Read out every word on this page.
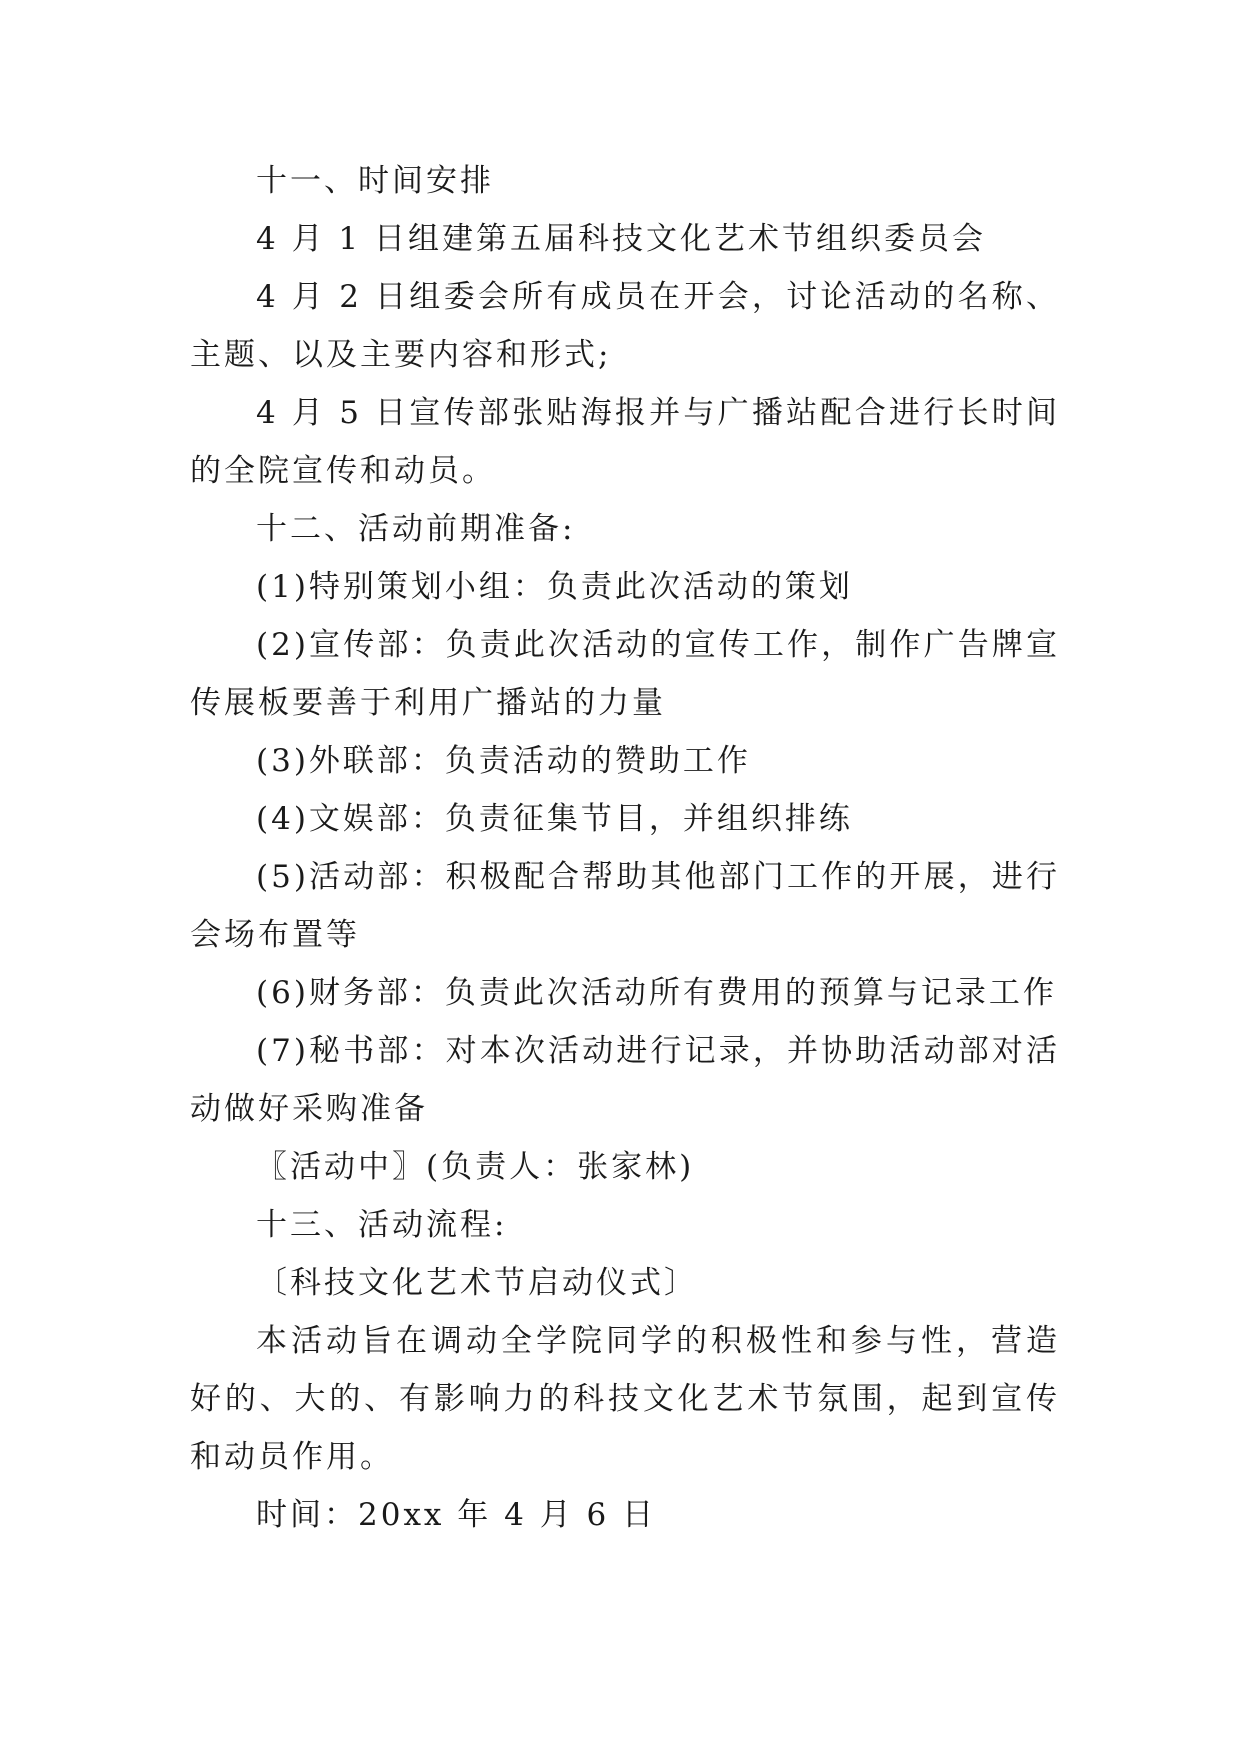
十一、时间安排

4 月 1 日组建第五届科技文化艺术节组织委员会

4 月 2 日组委会所有成员在开会，讨论活动的名称、主题、以及主要内容和形式;

4 月 5 日宣传部张贴海报并与广播站配合进行长时间的全院宣传和动员。

十二、活动前期准备:

(1)特别策划小组：负责此次活动的策划

(2)宣传部：负责此次活动的宣传工作，制作广告牌宣传展板要善于利用广播站的力量

(3)外联部：负责活动的赞助工作

(4)文娱部：负责征集节目，并组织排练

(5)活动部：积极配合帮助其他部门工作的开展，进行会场布置等

(6)财务部：负责此次活动所有费用的预算与记录工作

(7)秘书部：对本次活动进行记录，并协助活动部对活动做好采购准备

〖活动中〗(负责人：张家林)

十三、活动流程:

〔科技文化艺术节启动仪式〕

本活动旨在调动全学院同学的积极性和参与性，营造好的、大的、有影响力的科技文化艺术节氛围，起到宣传和动员作用。

时间：20xx 年 4 月 6 日
